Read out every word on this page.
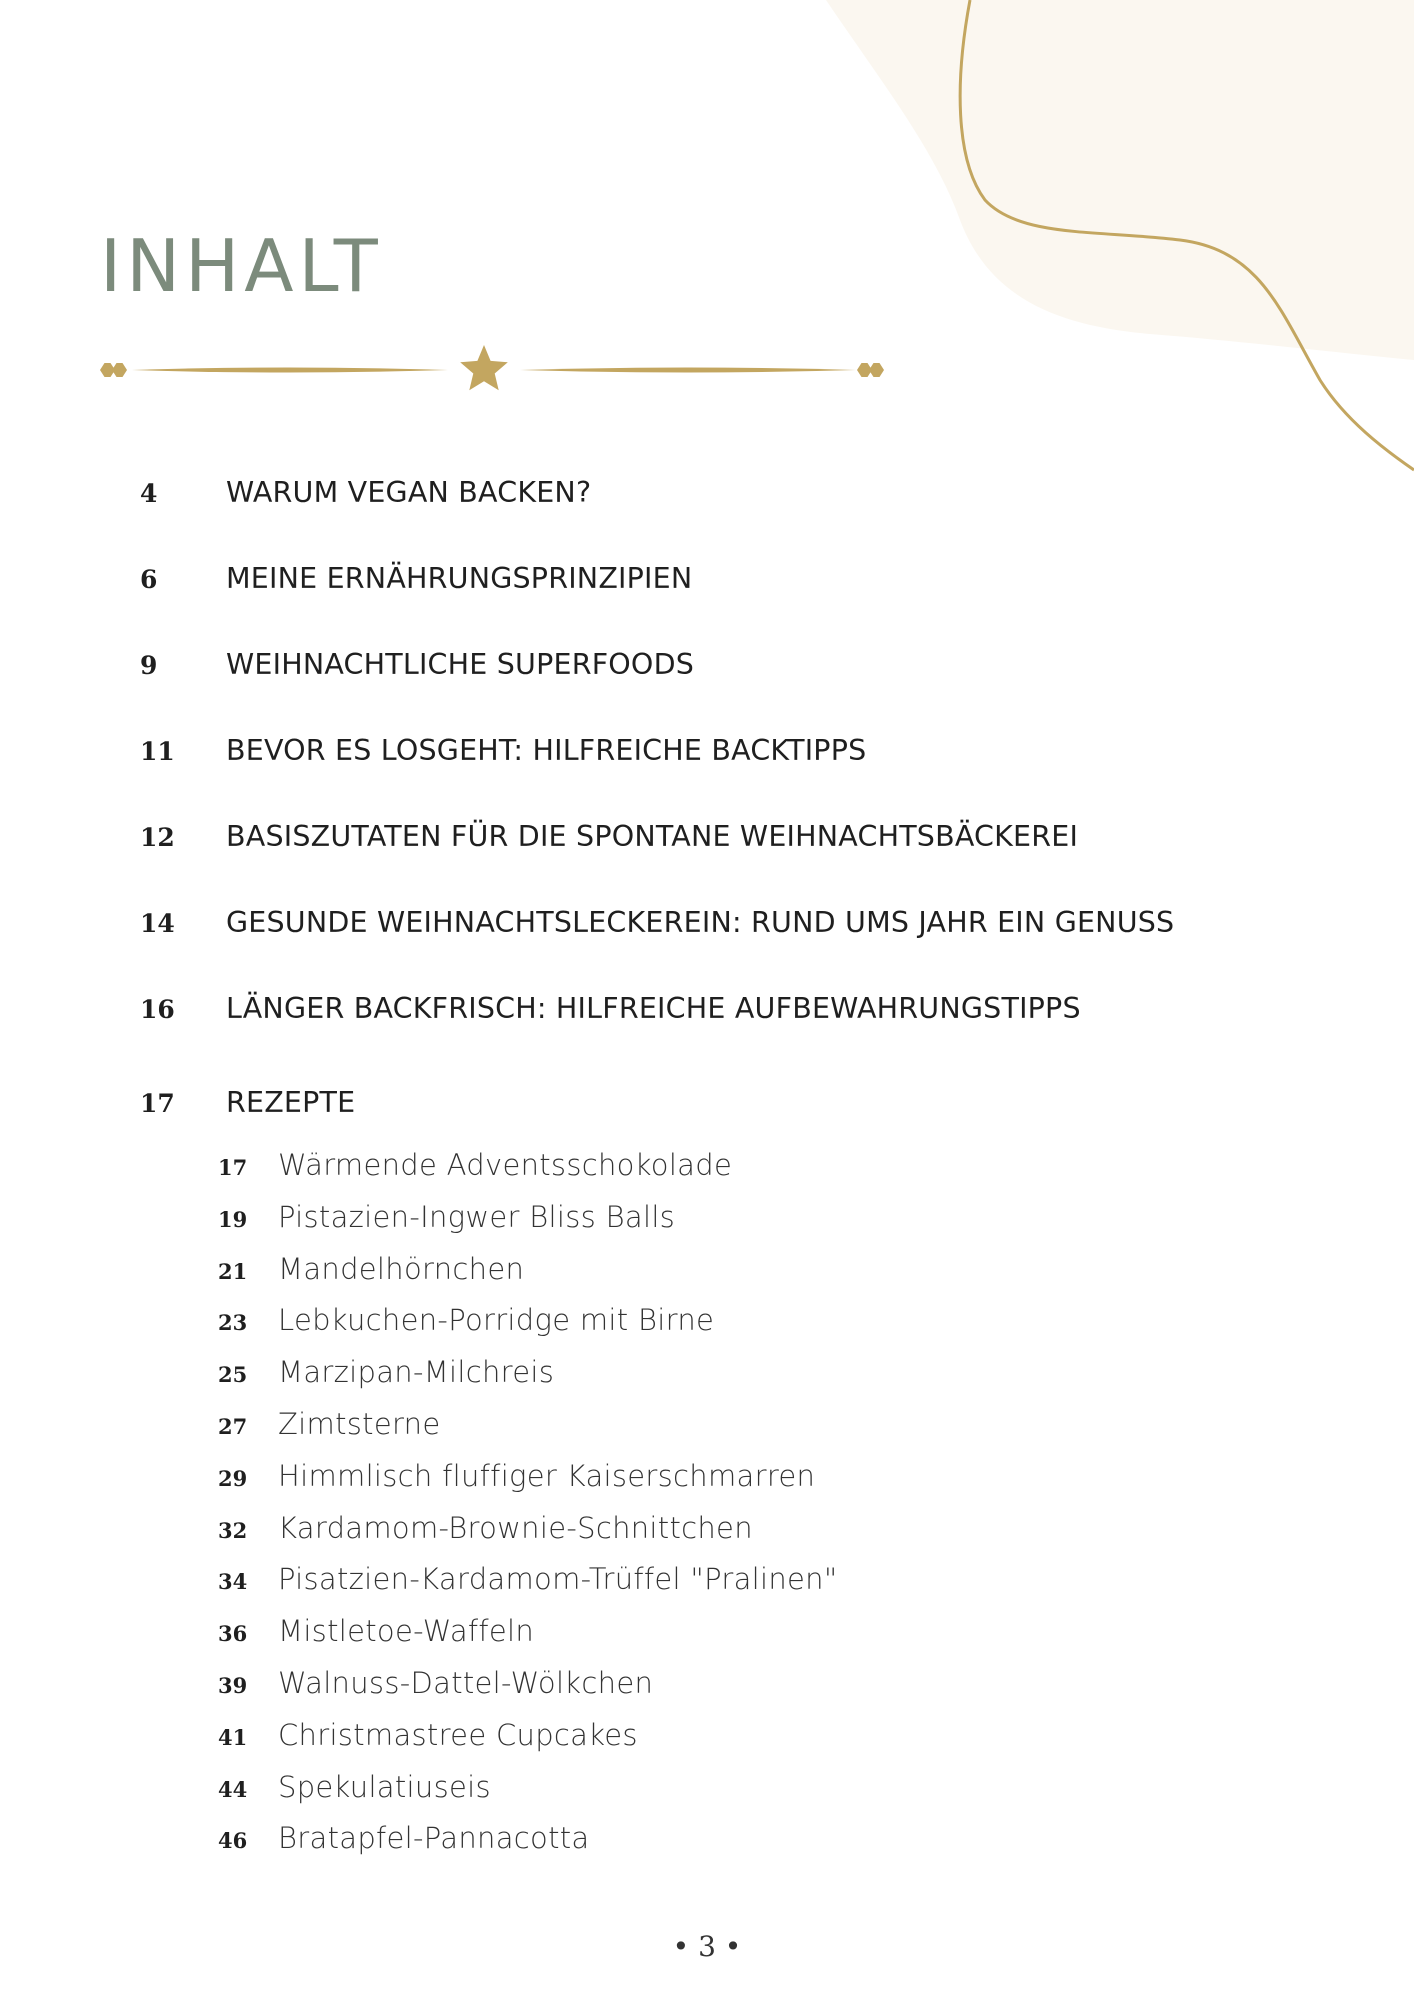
INHALT
4	WARUM VEGAN BACKEN?
6	MEINE ERNÄHRUNGSPRINZIPIEN
9	WEIHNACHTLICHE SUPERFOODS
11	BEVOR ES LOSGEHT: HILFREICHE BACKTIPPS
12	BASISZUTATEN FÜR DIE SPONTANE WEIHNACHTSBÄCKEREI
14	GESUNDE WEIHNACHTSLECKEREIN: RUND UMS JAHR EIN GENUSS
16	LÄNGER BACKFRISCH: HILFREICHE AUFBEWAHRUNGSTIPPS
17	REZEPTE
17	Wärmende Adventsschokolade
19	Pistazien-Ingwer Bliss Balls
21	Mandelhörnchen
23	Lebkuchen-Porridge mit Birne
25	Marzipan-Milchreis
27	Zimtsterne
29	Himmlisch fluffiger Kaiserschmarren
32	Kardamom-Brownie-Schnittchen
34	Pisatzien-Kardamom-Trüffel "Pralinen"
36	Mistletoe-Waffeln
39	Walnuss-Dattel-Wölkchen
41	Christmastree Cupcakes
44	Spekulatiuseis
46	Bratapfel-Pannacotta
• 3 •
